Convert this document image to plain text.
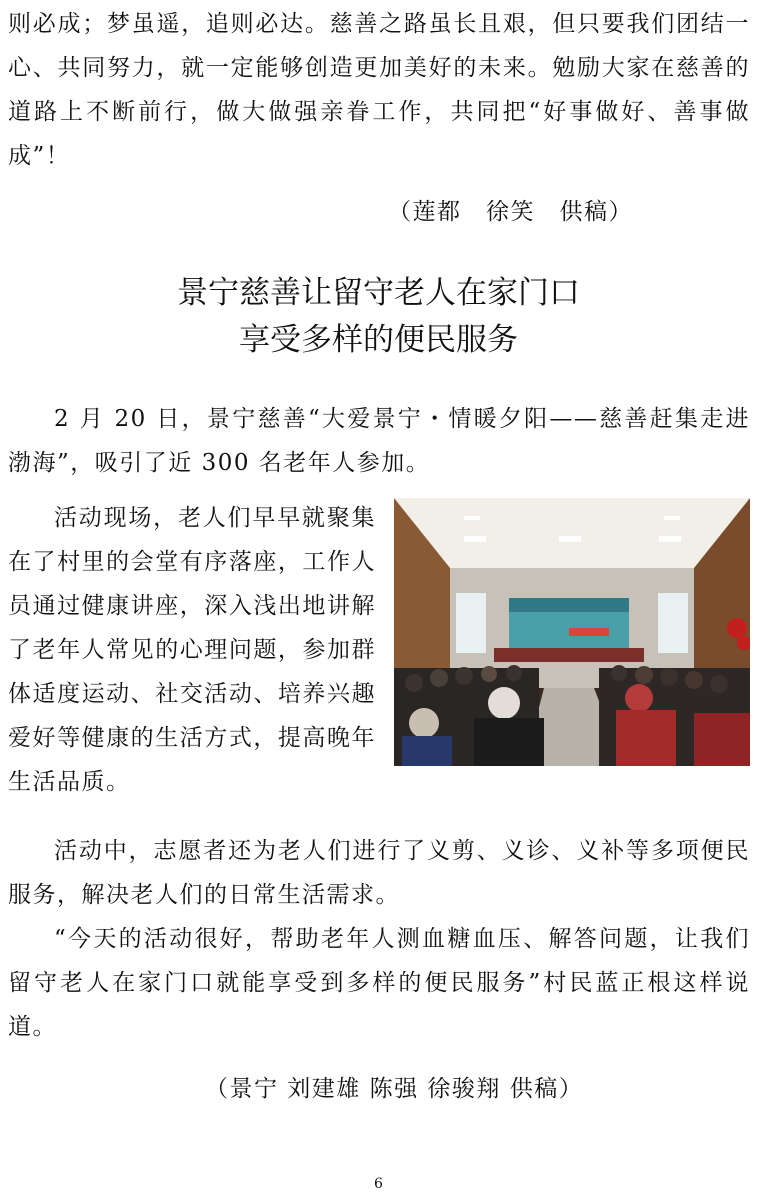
则必成；梦虽遥，追则必达。慈善之路虽长且艰，但只要我们团结一心、共同努力，就一定能够创造更加美好的未来。勉励大家在慈善的道路上不断前行，做大做强亲眷工作，共同把“好事做好、善事做成”！

（莲都　徐笑　供稿）

景宁慈善让留守老人在家门口
享受多样的便民服务

2 月 20 日，景宁慈善“大爱景宁・情暖夕阳——慈善赶集走进渤海”，吸引了近 300 名老年人参加。

活动现场，老人们早早就聚集在了村里的会堂有序落座，工作人员通过健康讲座，深入浅出地讲解了老年人常见的心理问题，参加群体适度运动、社交活动、培养兴趣爱好等健康的生活方式，提高晚年生活品质。

活动中，志愿者还为老人们进行了义剪、义诊、义补等多项便民服务，解决老人们的日常生活需求。

“今天的活动很好，帮助老年人测血糖血压、解答问题，让我们留守老人在家门口就能享受到多样的便民服务”村民蓝正根这样说道。

（景宁 刘建雄 陈强 徐骏翔 供稿）

6
